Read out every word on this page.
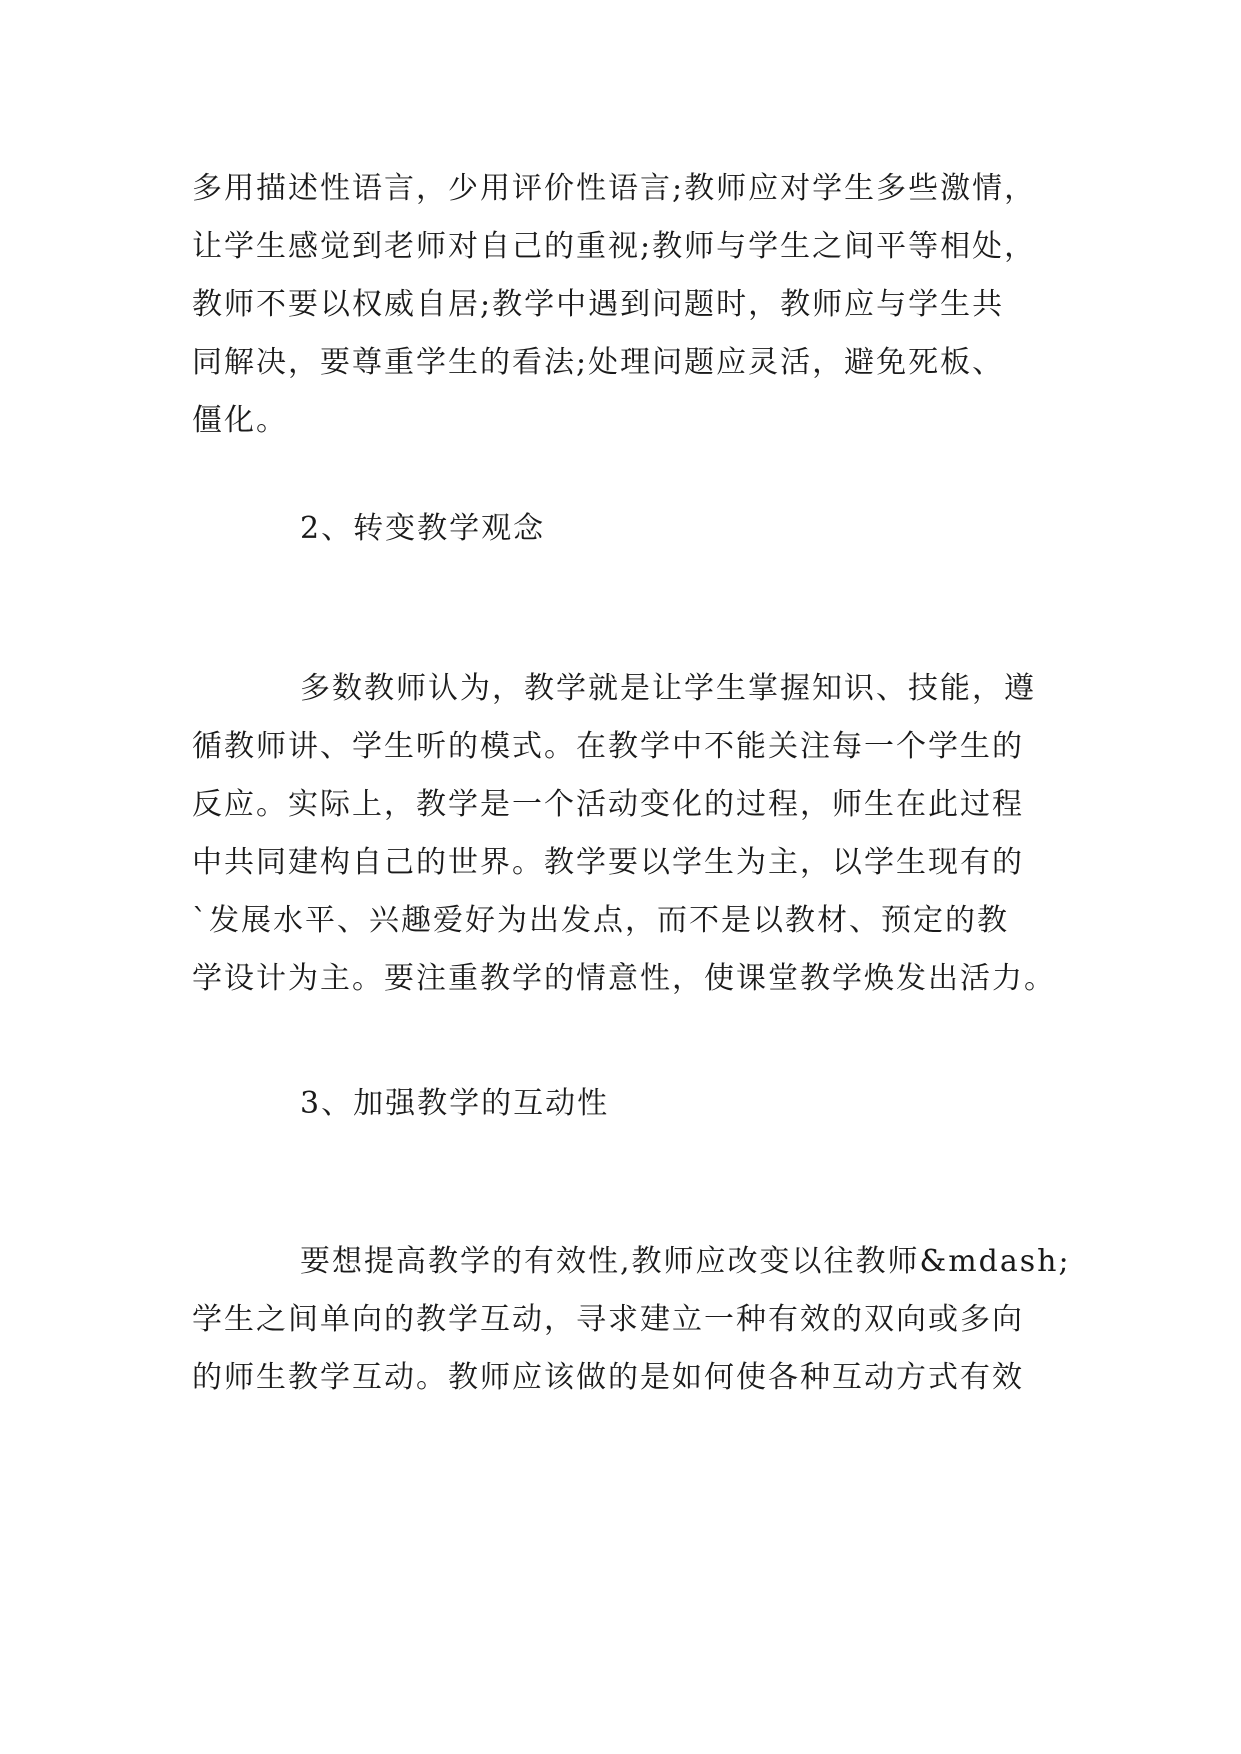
多用描述性语言，少用评价性语言;教师应对学生多些激情，
让学生感觉到老师对自己的重视;教师与学生之间平等相处，
教师不要以权威自居;教学中遇到问题时，教师应与学生共
同解决，要尊重学生的看法;处理问题应灵活，避免死板、
僵化。

2、转变教学观念

多数教师认为，教学就是让学生掌握知识、技能，遵
循教师讲、学生听的模式。在教学中不能关注每一个学生的
反应。实际上，教学是一个活动变化的过程，师生在此过程
中共同建构自己的世界。教学要以学生为主，以学生现有的
`发展水平、兴趣爱好为出发点，而不是以教材、预定的教
学设计为主。要注重教学的情意性，使课堂教学焕发出活力。

3、加强教学的互动性

要想提高教学的有效性,教师应改变以往教师&mdash;
学生之间单向的教学互动，寻求建立一种有效的双向或多向
的师生教学互动。教师应该做的是如何使各种互动方式有效
